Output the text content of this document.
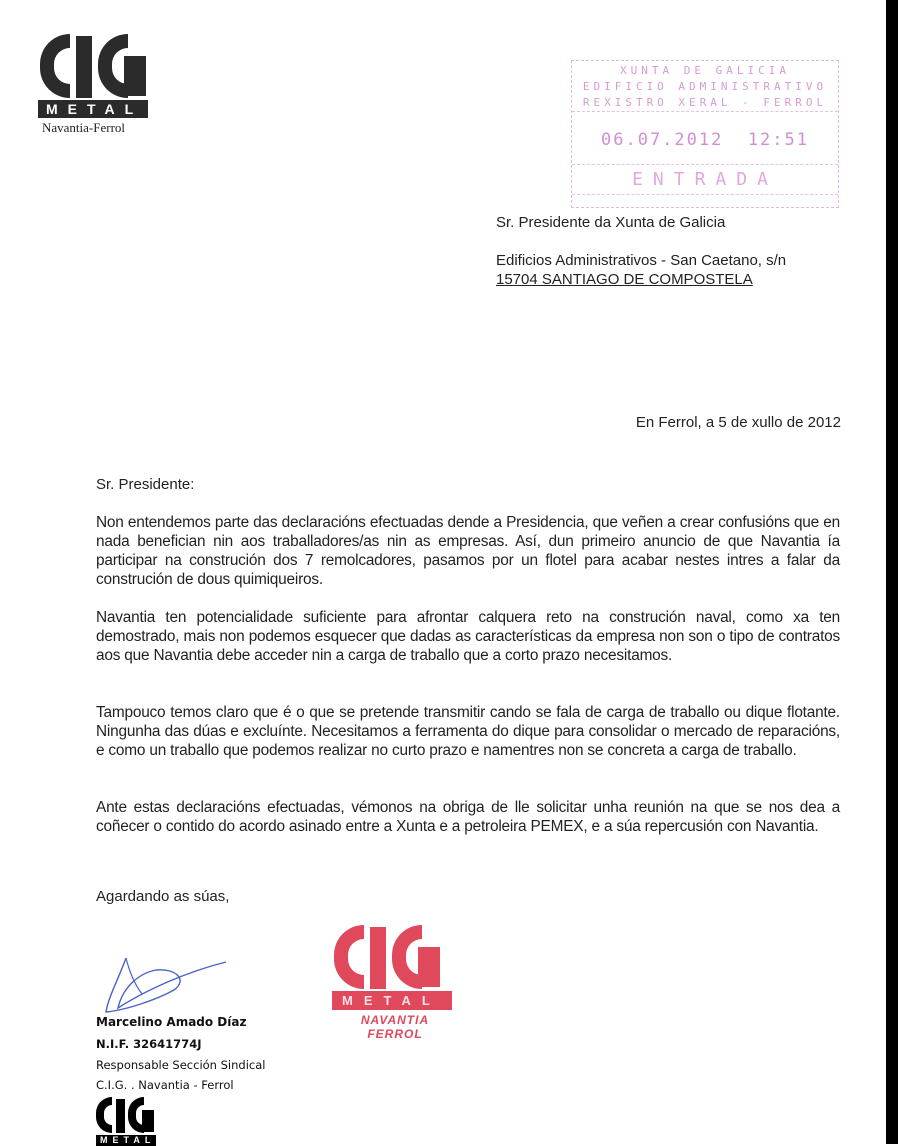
METAL
Navantia-Ferrol
XUNTA DE GALICIA
EDIFICIO ADMINISTRATIVO
REXISTRO XERAL - FERROL
06.07.2012  12:51
ENTRADA
Sr. Presidente da Xunta de Galicia
Edificios Administrativos - San Caetano, s/n
15704 SANTIAGO DE COMPOSTELA
En Ferrol, a 5 de xullo de 2012
Sr. Presidente:
Non entendemos parte das declaracións efectuadas dende a Presidencia, que veñen a crear confusións que en nada benefician nin aos traballadores/as nin as empresas. Así, dun primeiro anuncio de que Navantia ía participar na construción dos 7 remolcadores, pasamos por un flotel para acabar nestes intres a falar da construción de dous quimiqueiros.
Navantia ten potencialidade suficiente para afrontar calquera reto na construción naval, como xa ten demostrado, mais non podemos esquecer que dadas as características da empresa non son o tipo de contratos aos que Navantia debe acceder nin a carga de traballo que a corto prazo necesitamos.
Tampouco temos claro que é o que se pretende transmitir cando se fala de carga de traballo ou dique flotante. Ningunha das dúas e excluínte. Necesitamos a ferramenta do dique para consolidar o mercado de reparacións, e como un traballo que podemos realizar no curto prazo e namentres non se concreta a carga de traballo.
Ante estas declaracións efectuadas, vémonos na obriga de lle solicitar unha reunión na que se nos dea a coñecer o contido do acordo asinado entre a Xunta e a petroleira PEMEX, e a súa repercusión con Navantia.
Agardando as súas,
Marcelino Amado Díaz
N.I.F. 32641774J
Responsable Sección Sindical
C.I.G. . Navantia - Ferrol
METAL
NAVANTIA
FERROL
METAL
